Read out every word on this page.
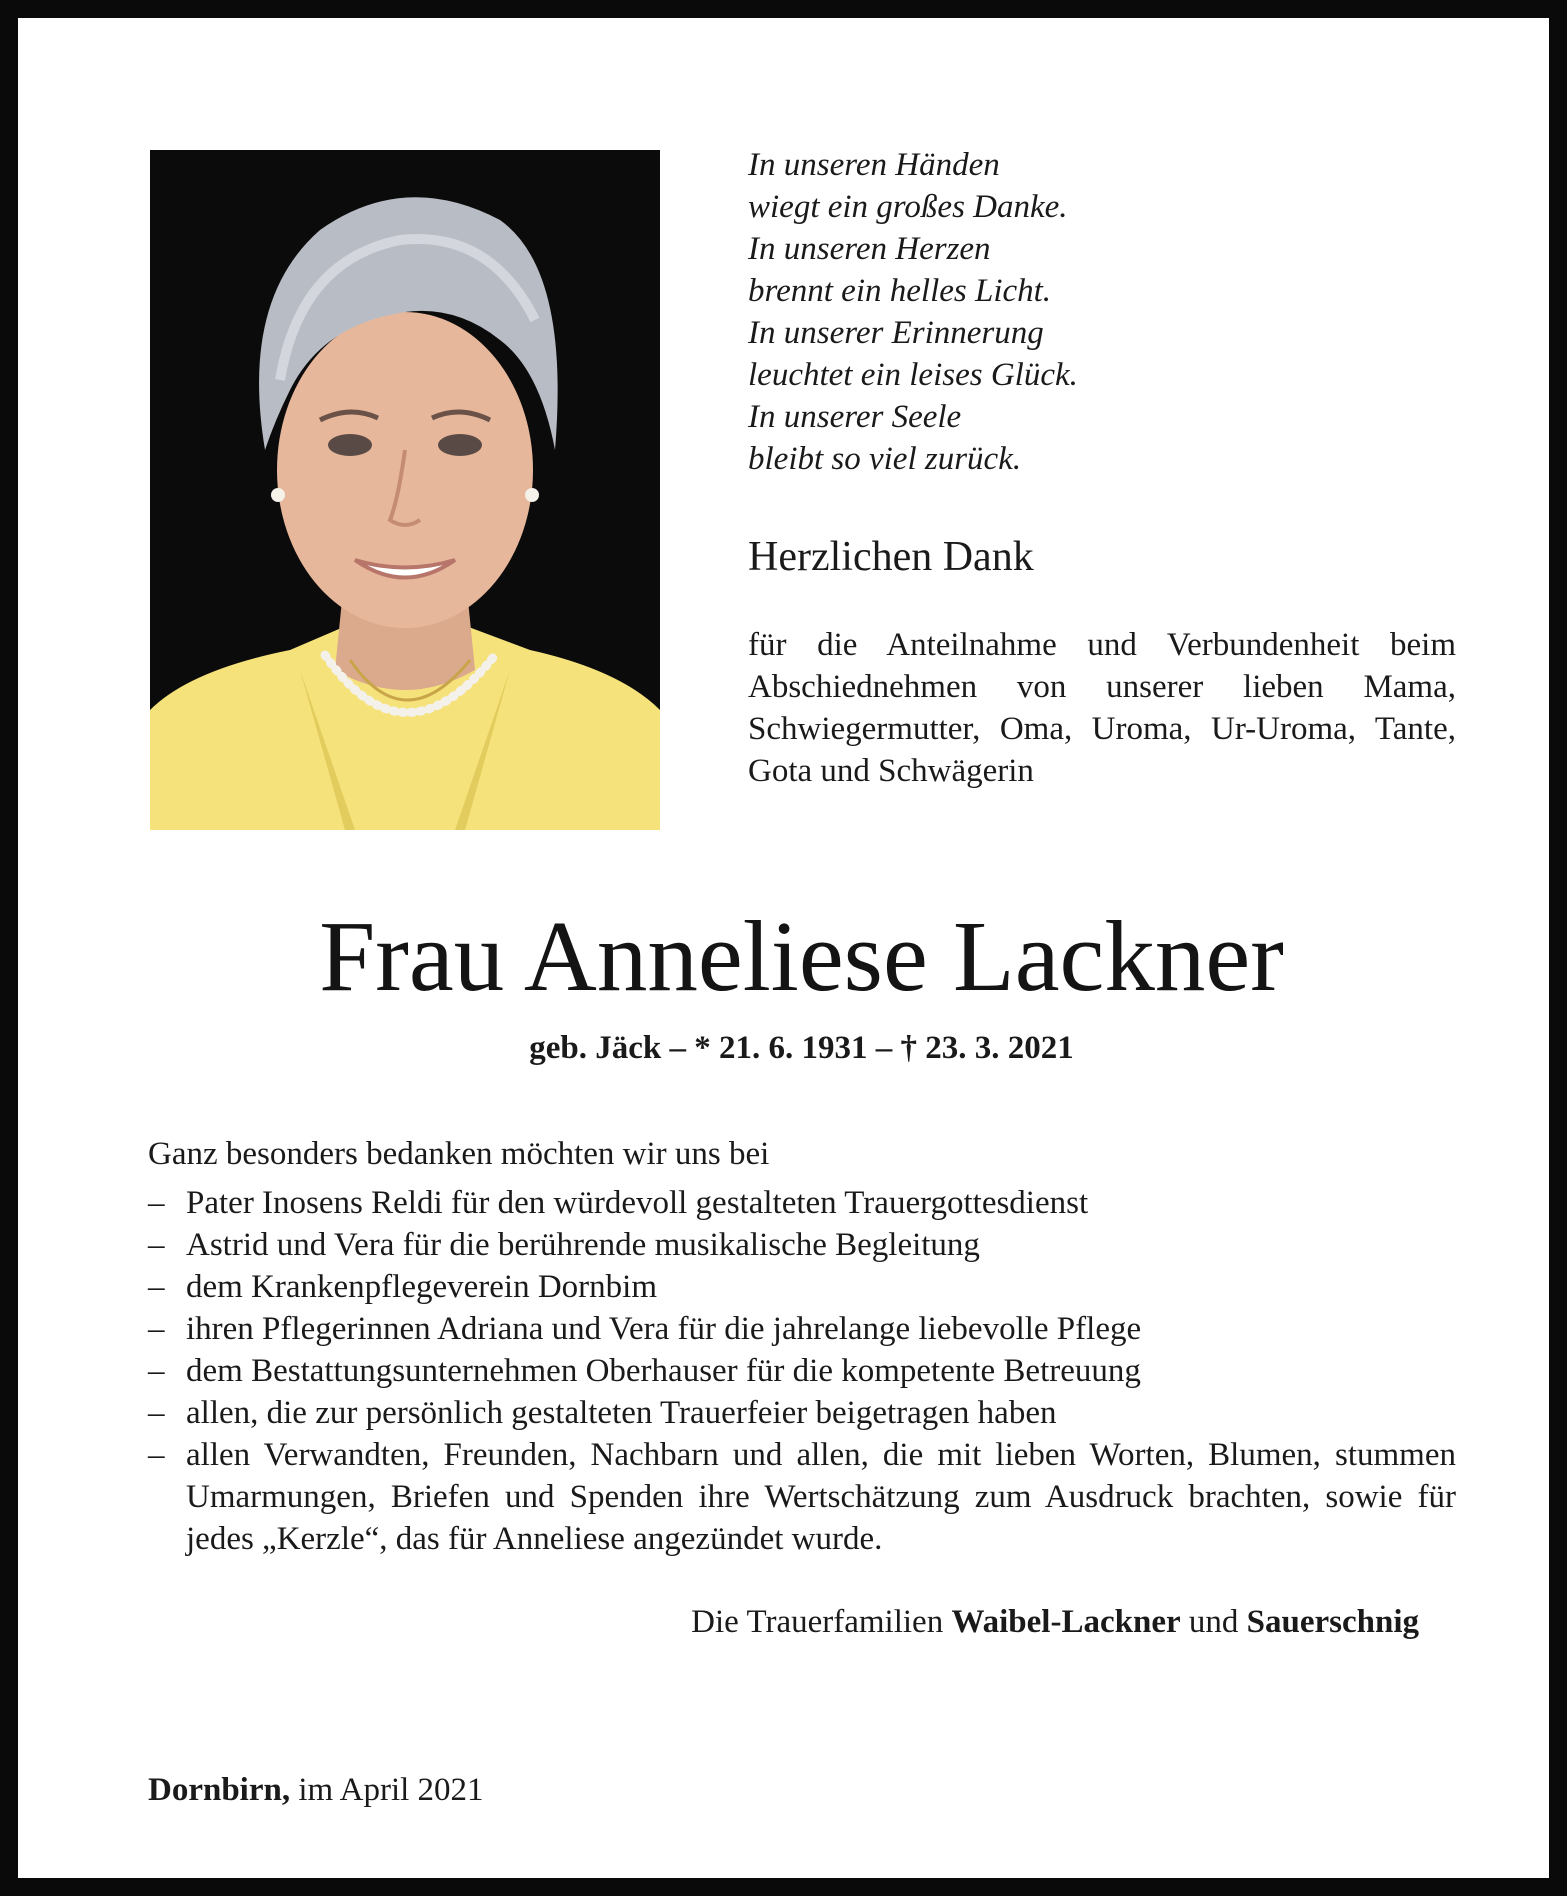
In unseren Händen
wiegt ein großes Danke.
In unseren Herzen
brennt ein helles Licht.
In unserer Erinnerung
leuchtet ein leises Glück.
In unserer Seele
bleibt so viel zurück.
Herzlichen Dank
für die Anteilnahme und Verbundenheit beim Abschiednehmen von unserer lieben Mama, Schwiegermutter, Oma, Uroma, Ur-Uroma, Tante, Gota und Schwägerin
Frau Anneliese Lackner
geb. Jäck – * 21. 6. 1931 – † 23. 3. 2021
Ganz besonders bedanken möchten wir uns bei
– Pater Inosens Reldi für den würdevoll gestalteten Trauergottesdienst
– Astrid und Vera für die berührende musikalische Begleitung
– dem Krankenpflegeverein Dornbim
– ihren Pflegerinnen Adriana und Vera für die jahrelange liebevolle Pflege
– dem Bestattungsunternehmen Oberhauser für die kompetente Betreuung
– allen, die zur persönlich gestalteten Trauerfeier beigetragen haben
– allen Verwandten, Freunden, Nachbarn und allen, die mit lieben Worten, Blumen, stummen Umarmungen, Briefen und Spenden ihre Wertschätzung zum Ausdruck brachten, sowie für jedes „Kerzle“, das für Anneliese angezündet wurde.
Die Trauerfamilien Waibel-Lackner und Sauerschnig
Dornbirn, im April 2021
